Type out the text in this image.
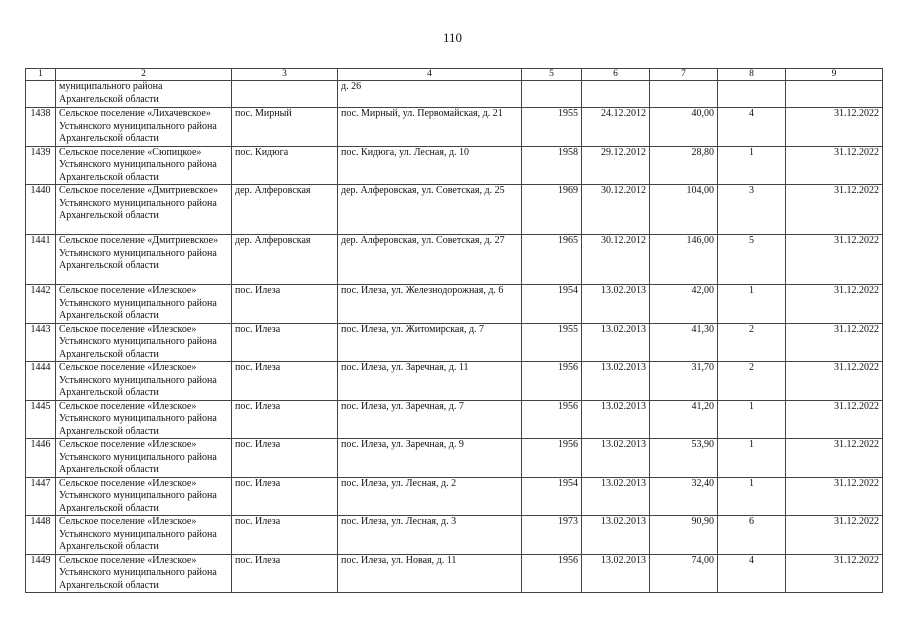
110
1	2	3	4	5	6	7	8	9
	муниципального района Архангельской области		д. 26					
1438	Сельское поселение «Лихачевское» Устьянского муниципального района Архангельской области	пос. Мирный	пос. Мирный, ул. Первомайская, д. 21	1955	24.12.2012	40,00	4	31.12.2022
1439	Сельское поселение «Сюпицкое» Устьянского муниципального района Архангельской области	пос. Кидюга	пос. Кидюга, ул. Лесная, д. 10	1958	29.12.2012	28,80	1	31.12.2022
1440	Сельское поселение «Дмитриевское» Устьянского муниципального района Архангельской области	дер. Алферовская	дер. Алферовская, ул. Советская, д. 25	1969	30.12.2012	104,00	3	31.12.2022
1441	Сельское поселение «Дмитриевское» Устьянского муниципального района Архангельской области	дер. Алферовская	дер. Алферовская, ул. Советская, д. 27	1965	30.12.2012	146,00	5	31.12.2022
1442	Сельское поселение «Илезское» Устьянского муниципального района Архангельской области	пос. Илеза	пос. Илеза, ул. Железнодорожная, д. 6	1954	13.02.2013	42,00	1	31.12.2022
1443	Сельское поселение «Илезское» Устьянского муниципального района Архангельской области	пос. Илеза	пос. Илеза, ул. Житомирская, д. 7	1955	13.02.2013	41,30	2	31.12.2022
1444	Сельское поселение «Илезское» Устьянского муниципального района Архангельской области	пос. Илеза	пос. Илеза, ул. Заречная, д. 11	1956	13.02.2013	31,70	2	31.12.2022
1445	Сельское поселение «Илезское» Устьянского муниципального района Архангельской области	пос. Илеза	пос. Илеза, ул. Заречная, д. 7	1956	13.02.2013	41,20	1	31.12.2022
1446	Сельское поселение «Илезское» Устьянского муниципального района Архангельской области	пос. Илеза	пос. Илеза, ул. Заречная, д. 9	1956	13.02.2013	53,90	1	31.12.2022
1447	Сельское поселение «Илезское» Устьянского муниципального района Архангельской области	пос. Илеза	пос. Илеза, ул. Лесная, д. 2	1954	13.02.2013	32,40	1	31.12.2022
1448	Сельское поселение «Илезское» Устьянского муниципального района Архангельской области	пос. Илеза	пос. Илеза, ул. Лесная, д. 3	1973	13.02.2013	90,90	6	31.12.2022
1449	Сельское поселение «Илезское» Устьянского муниципального района Архангельской области	пос. Илеза	пос. Илеза, ул. Новая, д. 11	1956	13.02.2013	74,00	4	31.12.2022
